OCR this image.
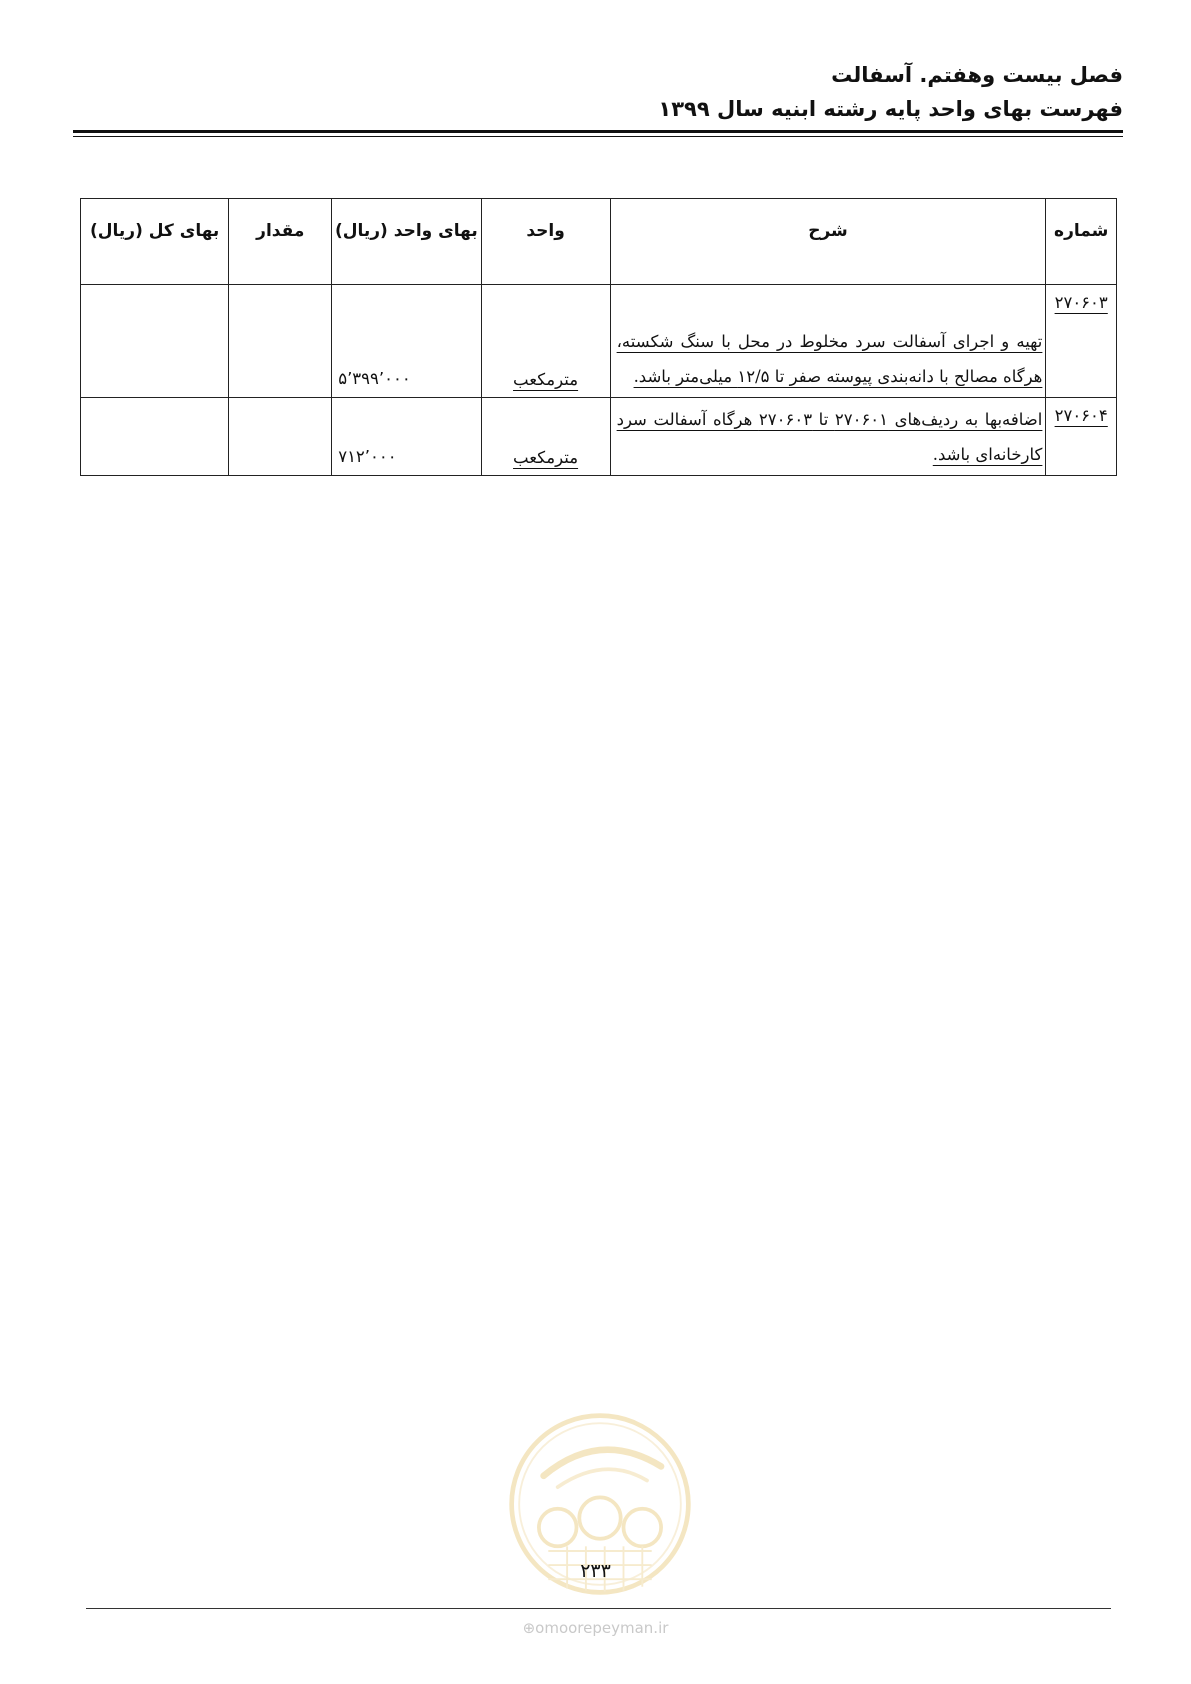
فصل بیست وهفتم. آسفالت
فهرست بهای واحد پایه رشته ابنیه سال ۱۳۹۹
شماره	شرح	واحد	بهای واحد (ریال)	مقدار	بهای کل (ریال)
۲۷۰۶۰۳	تهیه و اجرای آسفالت سرد مخلوط در محل با سنگ شکسته، هرگاه مصالح با دانه‌بندی پیوسته صفر تا ۱۲/۵ میلی‌متر باشد.	مترمکعب	۵٬۳۹۹٬۰۰۰		
۲۷۰۶۰۴	اضافه‌بها به ردیف‌های ۲۷۰۶۰۱ تا ۲۷۰۶۰۳ هرگاه آسفالت سرد کارخانه‌ای باشد.	مترمکعب	۷۱۲٬۰۰۰		
۲۳۳
⊕omoorepeyman.ir
